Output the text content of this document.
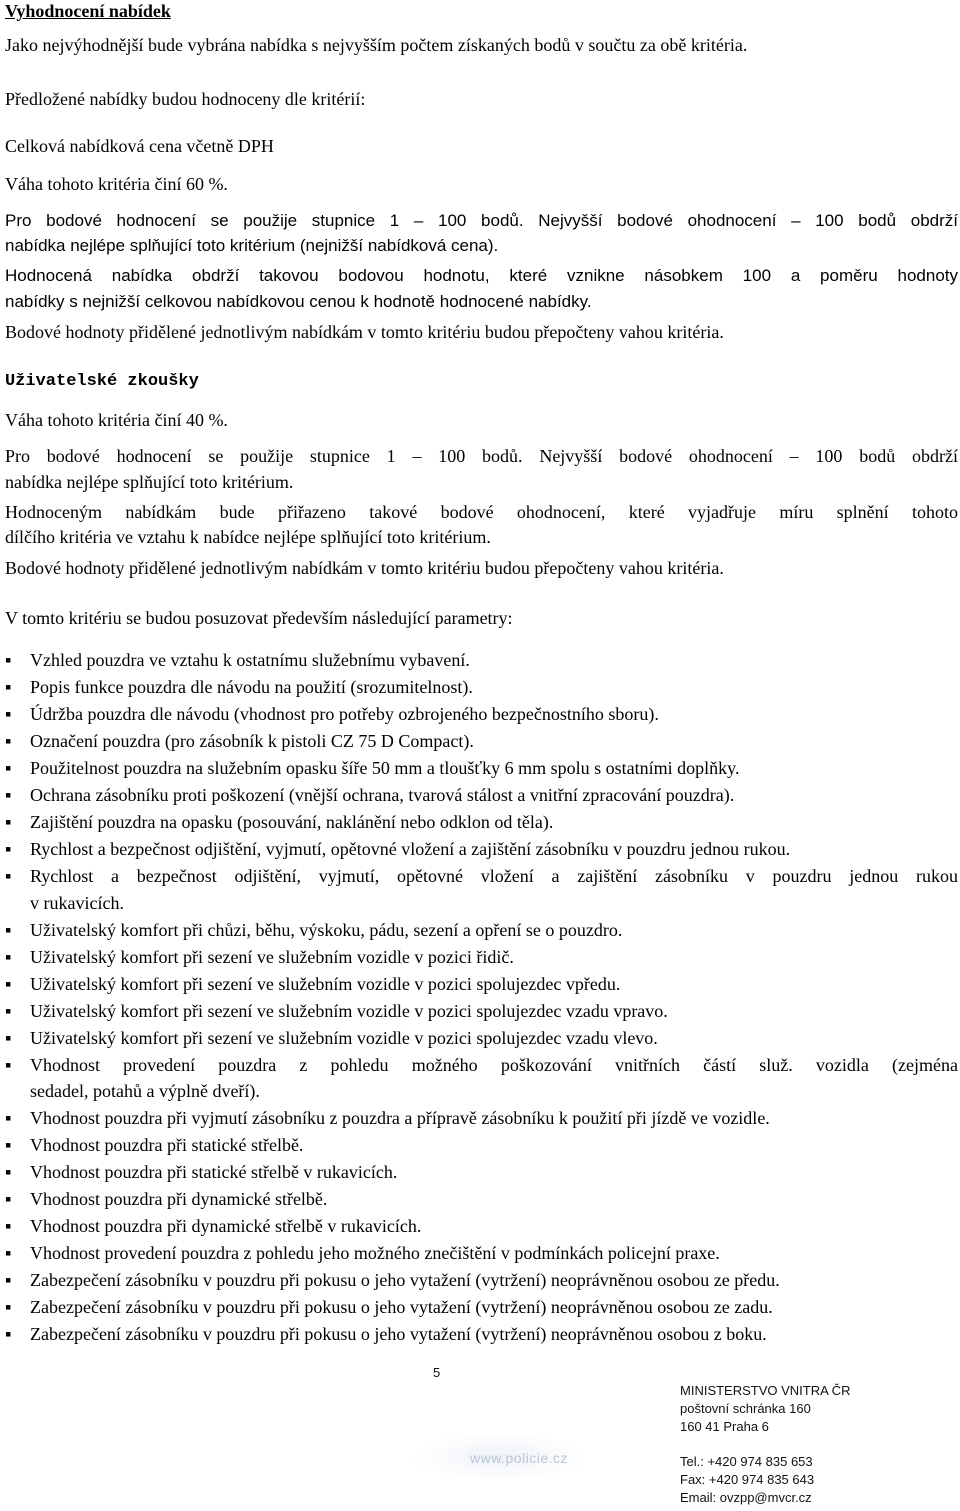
Vyhodnocení nabídek
Jako nejvýhodnější bude vybrána nabídka s nejvyšším počtem získaných bodů v součtu za obě kritéria.
Předložené nabídky budou hodnoceny dle kritérií:
Celková nabídková cena včetně DPH
Váha tohoto kritéria činí 60 %.
Pro bodové hodnocení se použije stupnice 1 – 100 bodů. Nejvyšší bodové ohodnocení – 100 bodů obdrží
nabídka nejlépe splňující toto kritérium (nejnižší nabídková cena).
Hodnocená nabídka obdrží takovou bodovou hodnotu, které vznikne násobkem 100 a poměru hodnoty
nabídky s nejnižší celkovou nabídkovou cenou k hodnotě hodnocené nabídky.
Bodové hodnoty přidělené jednotlivým nabídkám v tomto kritériu budou přepočteny vahou kritéria.
Uživatelské zkoušky
Váha tohoto kritéria činí 40 %.
Pro bodové hodnocení se použije stupnice 1 – 100 bodů. Nejvyšší bodové ohodnocení – 100 bodů obdrží
nabídka nejlépe splňující toto kritérium.
Hodnoceným nabídkám bude přiřazeno takové bodové ohodnocení, které vyjadřuje míru splnění tohoto
dílčího kritéria ve vztahu k nabídce nejlépe splňující toto kritérium.
Bodové hodnoty přidělené jednotlivým nabídkám v tomto kritériu budou přepočteny vahou kritéria.
V tomto kritériu se budou posuzovat především následující parametry:
▪ Vzhled pouzdra ve vztahu k ostatnímu služebnímu vybavení.
▪ Popis funkce pouzdra dle návodu na použití (srozumitelnost).
▪ Údržba pouzdra dle návodu (vhodnost pro potřeby ozbrojeného bezpečnostního sboru).
▪ Označení pouzdra (pro zásobník k pistoli CZ 75 D Compact).
▪ Použitelnost pouzdra na služebním opasku šíře 50 mm a tloušťky 6 mm spolu s ostatními doplňky.
▪ Ochrana zásobníku proti poškození (vnější ochrana, tvarová stálost a vnitřní zpracování pouzdra).
▪ Zajištění pouzdra na opasku (posouvání, naklánění nebo odklon od těla).
▪ Rychlost a bezpečnost odjištění, vyjmutí, opětovné vložení a zajištění zásobníku v pouzdru jednou rukou.
▪ Rychlost a bezpečnost odjištění, vyjmutí, opětovné vložení a zajištění zásobníku v pouzdru jednou rukou
v rukavicích.
▪ Uživatelský komfort při chůzi, běhu, výskoku, pádu, sezení a opření se o pouzdro.
▪ Uživatelský komfort při sezení ve služebním vozidle v pozici řidič.
▪ Uživatelský komfort při sezení ve služebním vozidle v pozici spolujezdec vpředu.
▪ Uživatelský komfort při sezení ve služebním vozidle v pozici spolujezdec vzadu vpravo.
▪ Uživatelský komfort při sezení ve služebním vozidle v pozici spolujezdec vzadu vlevo.
▪ Vhodnost provedení pouzdra z pohledu možného poškozování vnitřních částí služ. vozidla (zejména
sedadel, potahů a výplně dveří).
▪ Vhodnost pouzdra při vyjmutí zásobníku z pouzdra a přípravě zásobníku k použití při jízdě ve vozidle.
▪ Vhodnost pouzdra při statické střelbě.
▪ Vhodnost pouzdra při statické střelbě v rukavicích.
▪ Vhodnost pouzdra při dynamické střelbě.
▪ Vhodnost pouzdra při dynamické střelbě v rukavicích.
▪ Vhodnost provedení pouzdra z pohledu jeho možného znečištění v podmínkách policejní praxe.
▪ Zabezpečení zásobníku v pouzdru při pokusu o jeho vytažení (vytržení) neoprávněnou osobou ze předu.
▪ Zabezpečení zásobníku v pouzdru při pokusu o jeho vytažení (vytržení) neoprávněnou osobou ze zadu.
▪ Zabezpečení zásobníku v pouzdru při pokusu o jeho vytažení (vytržení) neoprávněnou osobou z boku.
5
www.policie.cz
MINISTERSTVO VNITRA ČR
poštovní schránka 160
160 41 Praha 6
Tel.: +420 974 835 653
Fax: +420 974 835 643
Email: ovzpp@mvcr.cz
